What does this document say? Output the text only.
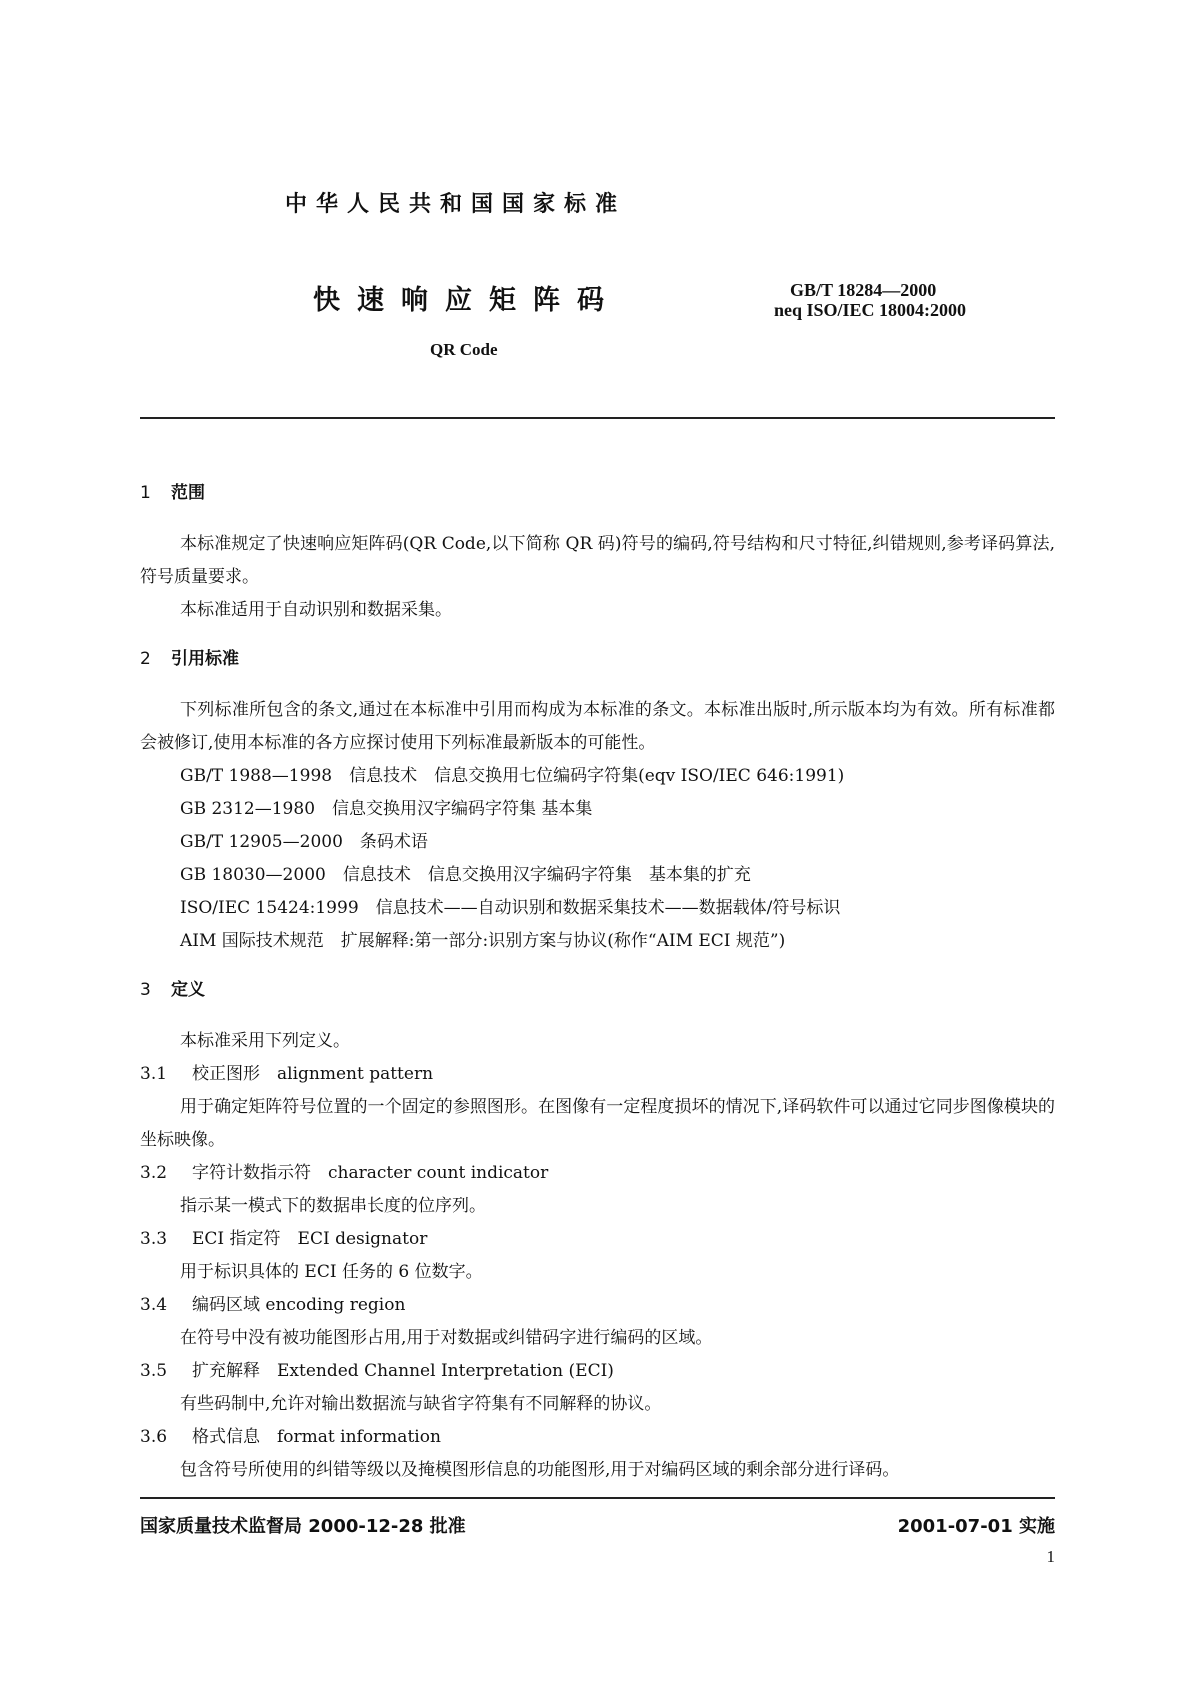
中华人民共和国国家标准
快速响应矩阵码
QR Code
GB/T 18284—2000
neq ISO/IEC 18004:2000
1 范围
本标准规定了快速响应矩阵码(QR Code,以下简称 QR 码)符号的编码,符号结构和尺寸特征,纠错规则,参考译码算法,符号质量要求。
本标准适用于自动识别和数据采集。
2 引用标准
下列标准所包含的条文,通过在本标准中引用而构成为本标准的条文。本标准出版时,所示版本均为有效。所有标准都会被修订,使用本标准的各方应探讨使用下列标准最新版本的可能性。
GB/T 1988—1998　信息技术　信息交换用七位编码字符集(eqv ISO/IEC 646:1991)
GB 2312—1980　信息交换用汉字编码字符集 基本集
GB/T 12905—2000　条码术语
GB 18030—2000　信息技术　信息交换用汉字编码字符集　基本集的扩充
ISO/IEC 15424:1999　信息技术——自动识别和数据采集技术——数据载体/符号标识
AIM 国际技术规范　扩展解释:第一部分:识别方案与协议(称作“AIM ECI 规范”)
3 定义
本标准采用下列定义。
3.1 校正图形　alignment pattern
用于确定矩阵符号位置的一个固定的参照图形。在图像有一定程度损坏的情况下,译码软件可以通过它同步图像模块的坐标映像。
3.2 字符计数指示符　character count indicator
指示某一模式下的数据串长度的位序列。
3.3 ECI 指定符　ECI designator
用于标识具体的 ECI 任务的 6 位数字。
3.4 编码区域 encoding region
在符号中没有被功能图形占用,用于对数据或纠错码字进行编码的区域。
3.5 扩充解释　Extended Channel Interpretation (ECI)
有些码制中,允许对输出数据流与缺省字符集有不同解释的协议。
3.6 格式信息　format information
包含符号所使用的纠错等级以及掩模图形信息的功能图形,用于对编码区域的剩余部分进行译码。
国家质量技术监督局 2000-12-28 批准	2001-07-01 实施
1
